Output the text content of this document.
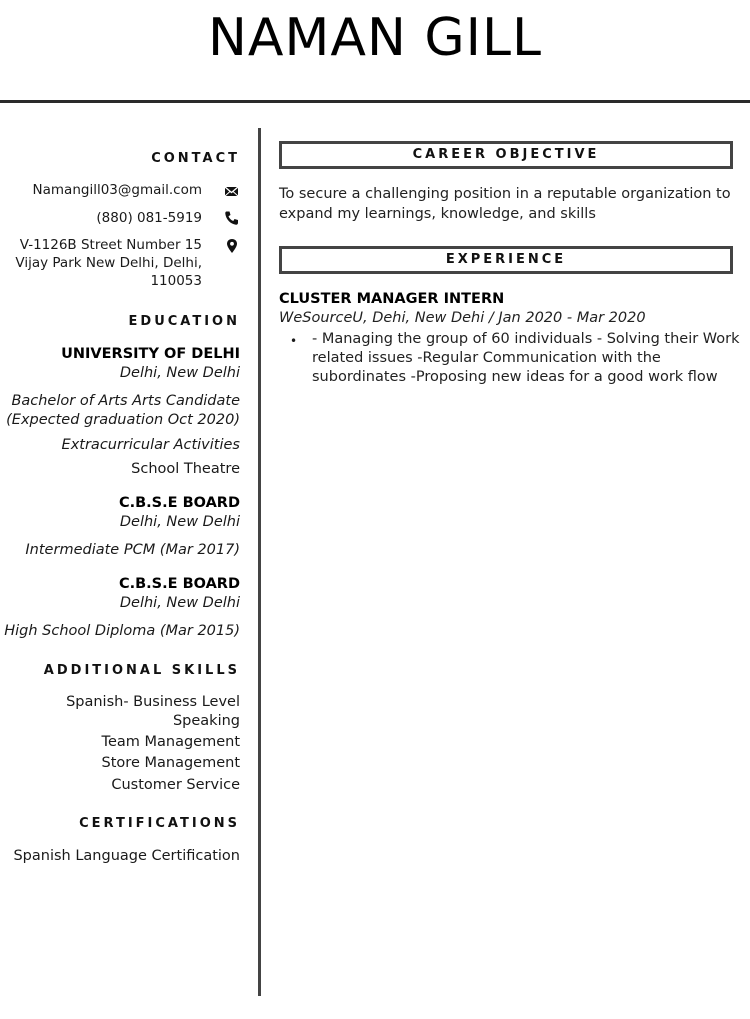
NAMAN GILL
CONTACT
Namangill03@gmail.com
(880) 081-5919
V-1126B Street Number 15
Vijay Park New Delhi, Delhi,
110053
EDUCATION
UNIVERSITY OF DELHI
Delhi, New Delhi
Bachelor of Arts Arts Candidate
(Expected graduation Oct 2020)
Extracurricular Activities
School Theatre
C.B.S.E BOARD
Delhi, New Delhi
Intermediate PCM (Mar 2017)
C.B.S.E BOARD
Delhi, New Delhi
High School Diploma (Mar 2015)
ADDITIONAL SKILLS
Spanish- Business Level
Speaking
Team Management
Store Management
Customer Service
CERTIFICATIONS
Spanish Language Certification
CAREER OBJECTIVE
To secure a challenging position in a reputable organization to
expand my learnings, knowledge, and skills
EXPERIENCE
CLUSTER MANAGER INTERN
WeSourceU, Dehi, New Dehi / Jan 2020 - Mar 2020
• - Managing the group of 60 individuals - Solving their Work
related issues -Regular Communication with the
subordinates -Proposing new ideas for a good work flow
